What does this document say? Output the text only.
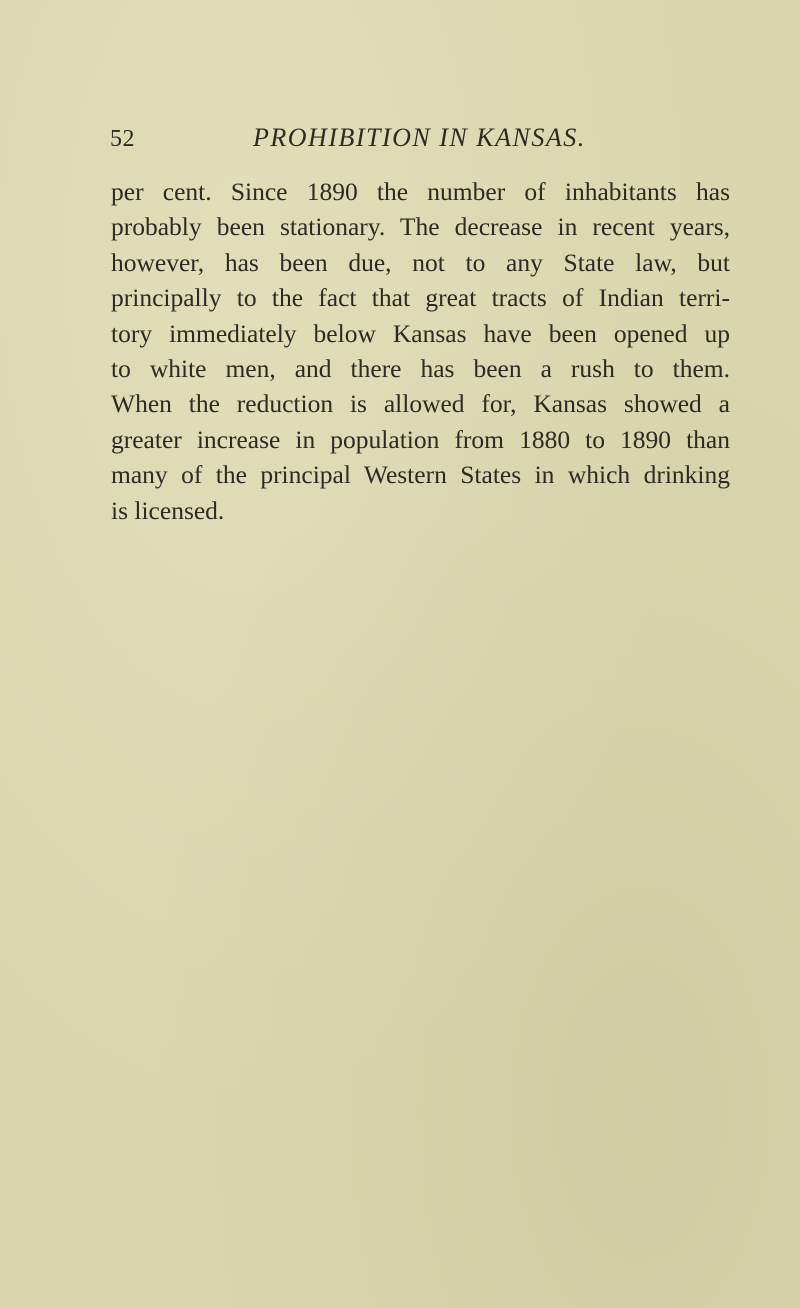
52	PROHIBITION IN KANSAS.
per cent. Since 1890 the number of inhabitants has
probably been stationary. The decrease in recent years,
however, has been due, not to any State law, but
principally to the fact that great tracts of Indian terri-
tory immediately below Kansas have been opened up
to white men, and there has been a rush to them.
When the reduction is allowed for, Kansas showed a
greater increase in population from 1880 to 1890 than
many of the principal Western States in which drinking
is licensed.
